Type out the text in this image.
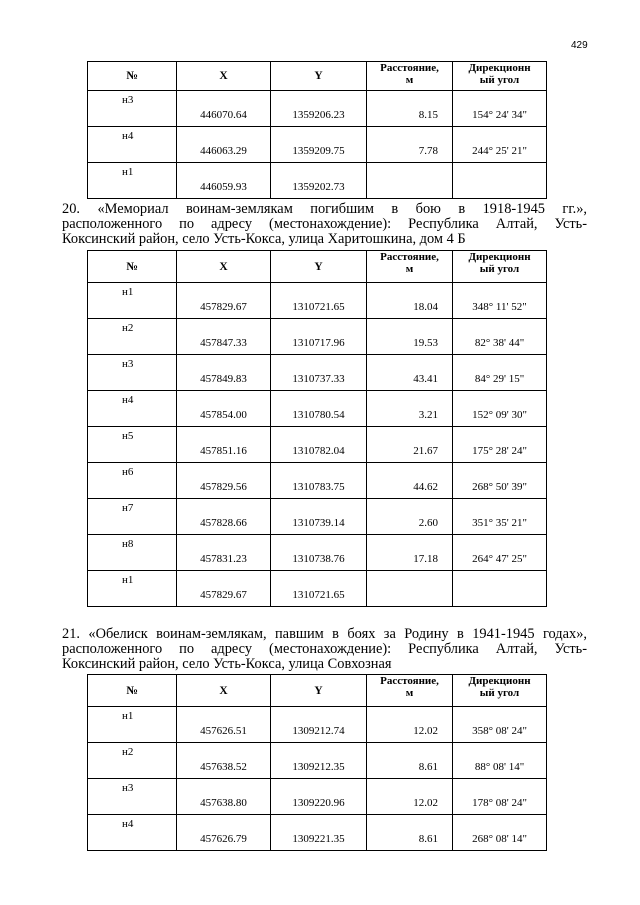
429
№	X	Y	Расстояние,
м	Дирекционн
ый угол
н3	446070.64	1359206.23	8.15	154° 24' 34"
н4	446063.29	1359209.75	7.78	244° 25' 21"
н1	446059.93	1359202.73		
20. «Мемориал воинам-землякам погибшим в бою в 1918-1945 гг.»,
расположенного по адресу (местонахождение): Республика Алтай, Усть-
Коксинский район, село Усть-Кокса, улица Харитошкина, дом 4 Б
№	X	Y	Расстояние,
м	Дирекционн
ый угол
н1	457829.67	1310721.65	18.04	348° 11' 52"
н2	457847.33	1310717.96	19.53	82° 38' 44"
н3	457849.83	1310737.33	43.41	84° 29' 15"
н4	457854.00	1310780.54	3.21	152° 09' 30"
н5	457851.16	1310782.04	21.67	175° 28' 24"
н6	457829.56	1310783.75	44.62	268° 50' 39"
н7	457828.66	1310739.14	2.60	351° 35' 21"
н8	457831.23	1310738.76	17.18	264° 47' 25"
н1	457829.67	1310721.65		
21. «Обелиск воинам-землякам, павшим в боях за Родину в 1941-1945 годах»,
расположенного по адресу (местонахождение): Республика Алтай, Усть-
Коксинский район, село Усть-Кокса, улица Совхозная
№	X	Y	Расстояние,
м	Дирекционн
ый угол
н1	457626.51	1309212.74	12.02	358° 08' 24"
н2	457638.52	1309212.35	8.61	88° 08' 14"
н3	457638.80	1309220.96	12.02	178° 08' 24"
н4	457626.79	1309221.35	8.61	268° 08' 14"
